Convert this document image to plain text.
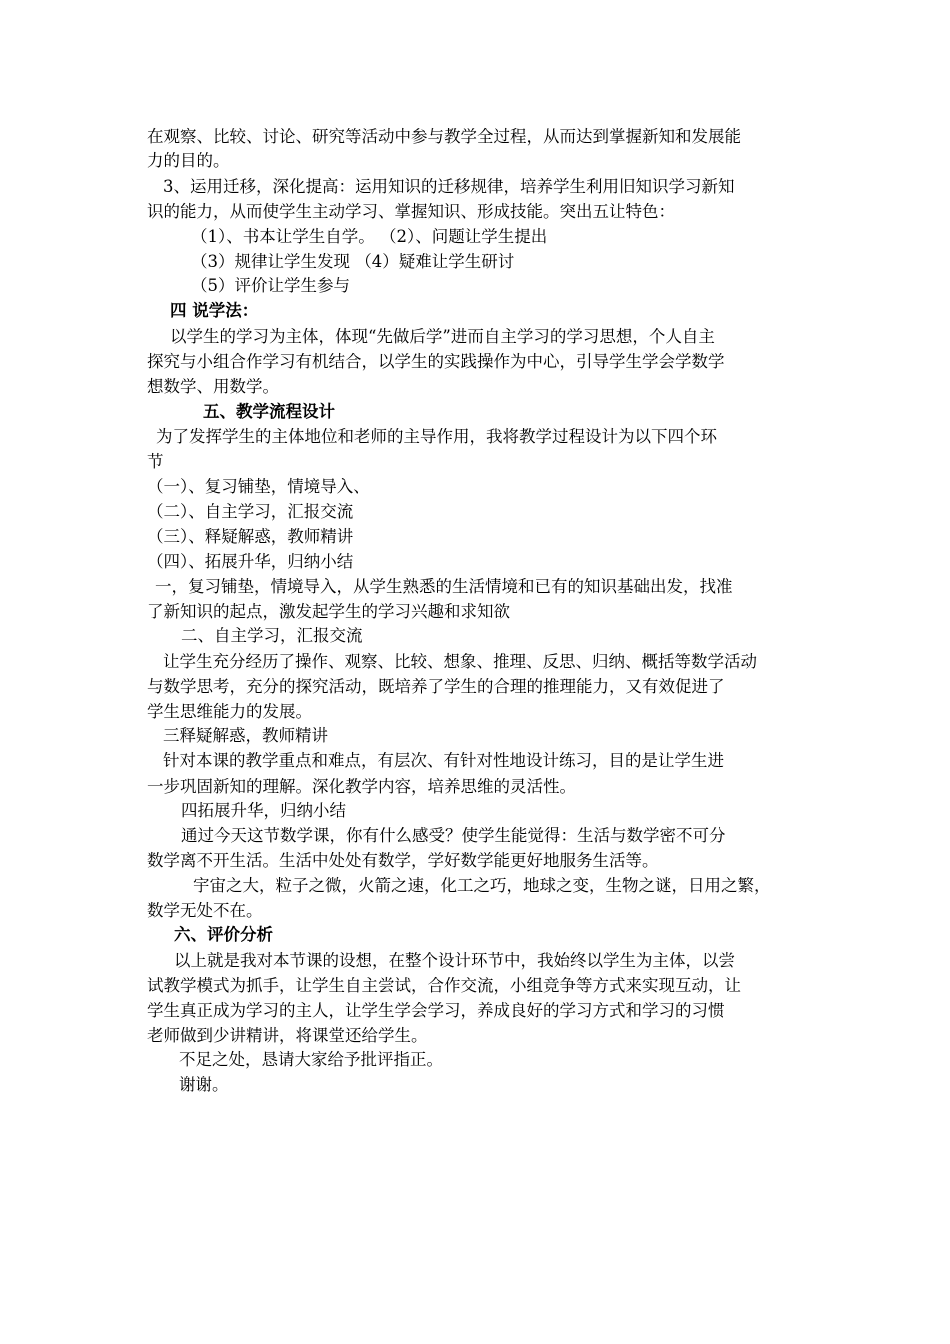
在观察、比较、讨论、研究等活动中参与教学全过程，从而达到掌握新知和发展能
力的目的。
3、运用迁移，深化提高：运用知识的迁移规律，培养学生利用旧知识学习新知
识的能力，从而使学生主动学习、掌握知识、形成技能。突出五让特色：
（1）、书本让学生自学。 （2）、问题让学生提出
（3）规律让学生发现 （4）疑难让学生研讨
（5）评价让学生参与
四 说学法：
以学生的学习为主体，体现“先做后学”进而自主学习的学习思想，个人自主
探究与小组合作学习有机结合，以学生的实践操作为中心，引导学生学会学数学
想数学、用数学。
五、教学流程设计
为了发挥学生的主体地位和老师的主导作用，我将教学过程设计为以下四个环
节
（一）、复习铺垫，情境导入、
（二）、自主学习，汇报交流
（三）、释疑解惑，教师精讲
（四）、拓展升华，归纳小结
一，复习铺垫，情境导入，从学生熟悉的生活情境和已有的知识基础出发，找准
了新知识的起点，激发起学生的学习兴趣和求知欲
二、自主学习，汇报交流
让学生充分经历了操作、观察、比较、想象、推理、反思、归纳、概括等数学活动
与数学思考，充分的探究活动，既培养了学生的合理的推理能力，又有效促进了
学生思维能力的发展。
三释疑解惑，教师精讲
针对本课的教学重点和难点，有层次、有针对性地设计练习，目的是让学生进
一步巩固新知的理解。深化教学内容，培养思维的灵活性。
四拓展升华，归纳小结
通过今天这节数学课，你有什么感受？使学生能觉得：生活与数学密不可分
数学离不开生活。生活中处处有数学，学好数学能更好地服务生活等。
宇宙之大，粒子之微，火箭之速，化工之巧，地球之变，生物之谜，日用之繁，
数学无处不在。
六、评价分析
以上就是我对本节课的设想，在整个设计环节中，我始终以学生为主体，以尝
试教学模式为抓手，让学生自主尝试，合作交流，小组竞争等方式来实现互动，让
学生真正成为学习的主人，让学生学会学习，养成良好的学习方式和学习的习惯
老师做到少讲精讲，将课堂还给学生。
不足之处，恳请大家给予批评指正。
谢谢。
